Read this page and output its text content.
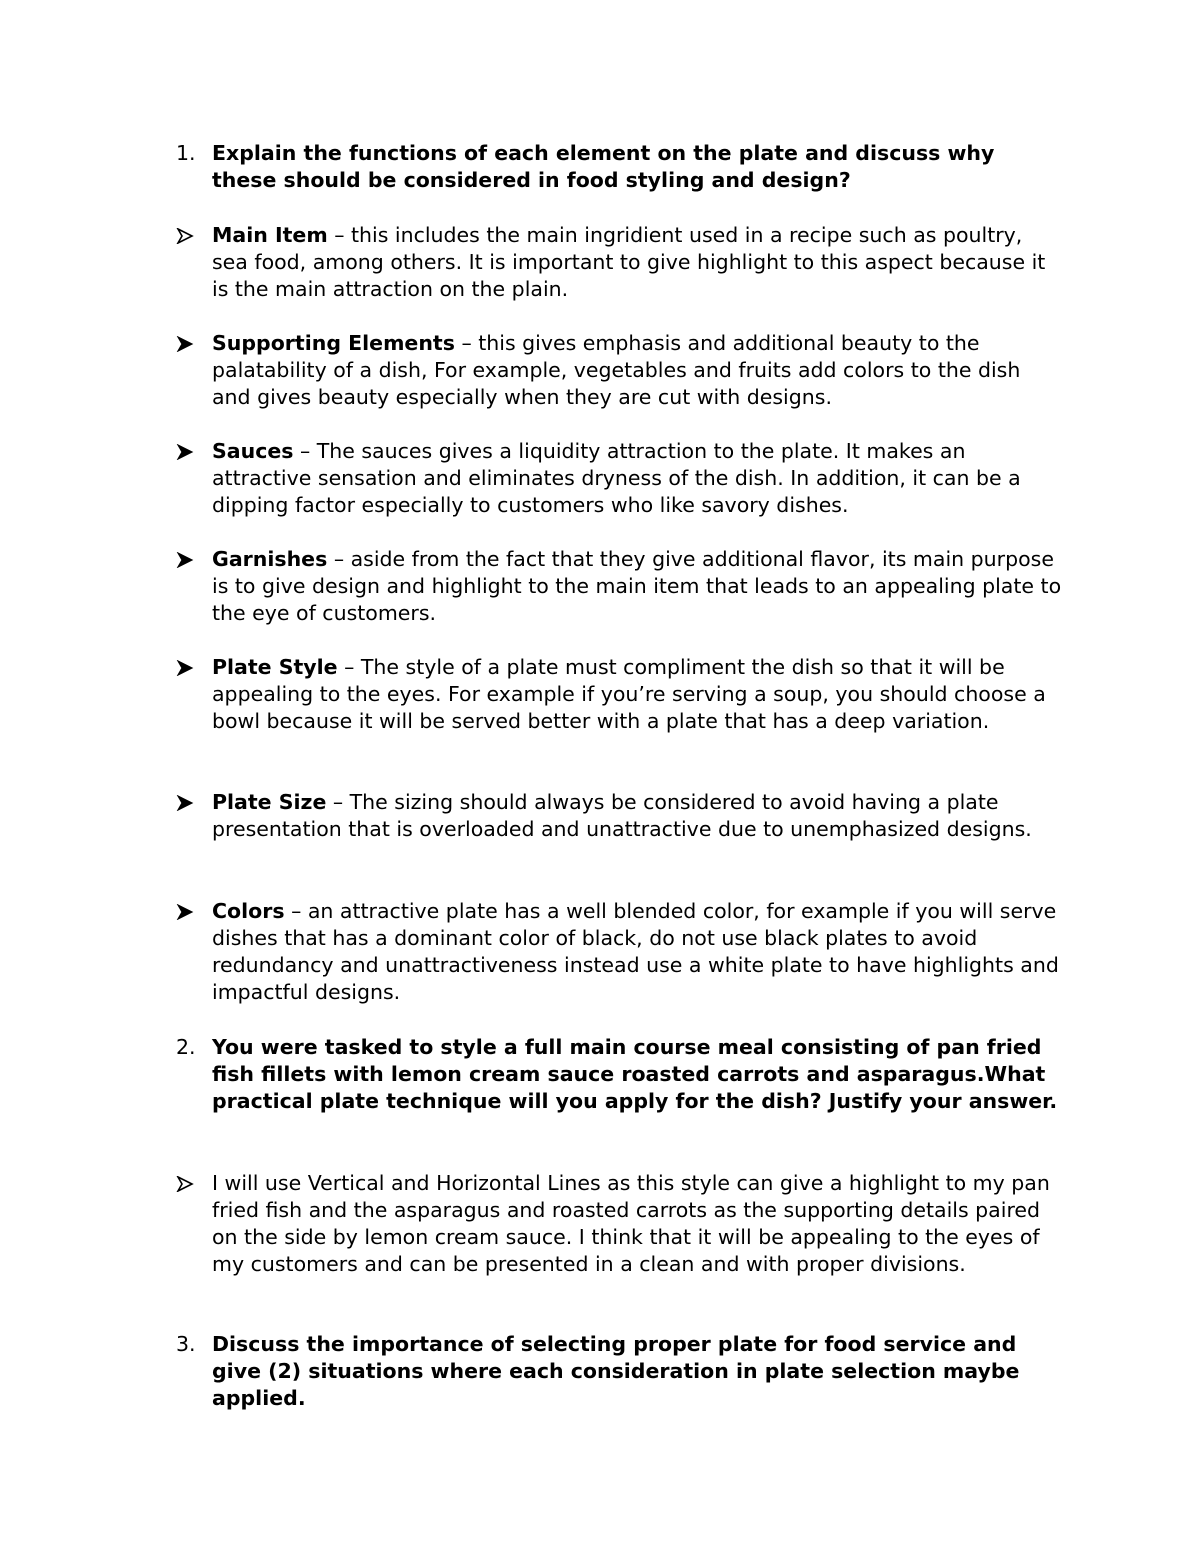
1. Explain the functions of each element on the plate and discuss why these should be considered in food styling and design?
Main Item – this includes the main ingridient used in a recipe such as poultry, sea food, among others. It is important to give highlight to this aspect because it is the main attraction on the plain.
Supporting Elements – this gives emphasis and additional beauty to the palatability of a dish, For example, vegetables and fruits add colors to the dish and gives beauty especially when they are cut with designs.
Sauces – The sauces gives a liquidity attraction to the plate. It makes an attractive sensation and eliminates dryness of the dish. In addition, it can be a dipping factor especially to customers who like savory dishes.
Garnishes – aside from the fact that they give additional flavor, its main purpose is to give design and highlight to the main item that leads to an appealing plate to the eye of customers.
Plate Style – The style of a plate must compliment the dish so that it will be appealing to the eyes. For example if you’re serving a soup, you should choose a bowl because it will be served better with a plate that has a deep variation.
Plate Size – The sizing should always be considered to avoid having a plate presentation that is overloaded and unattractive due to unemphasized designs.
Colors – an attractive plate has a well blended color, for example if you will serve dishes that has a dominant color of black, do not use black plates to avoid redundancy and unattractiveness instead use a white plate to have highlights and impactful designs.
2. You were tasked to style a full main course meal consisting of pan fried fish fillets with lemon cream sauce roasted carrots and asparagus.What practical plate technique will you apply for the dish? Justify your answer.
I will use Vertical and Horizontal Lines as this style can give a highlight to my pan fried fish and the asparagus and roasted carrots as the supporting details paired on the side by lemon cream sauce. I think that it will be appealing to the eyes of my customers and can be presented in a clean and with proper divisions.
3. Discuss the importance of selecting proper plate for food service and give (2) situations where each consideration in plate selection maybe applied.
